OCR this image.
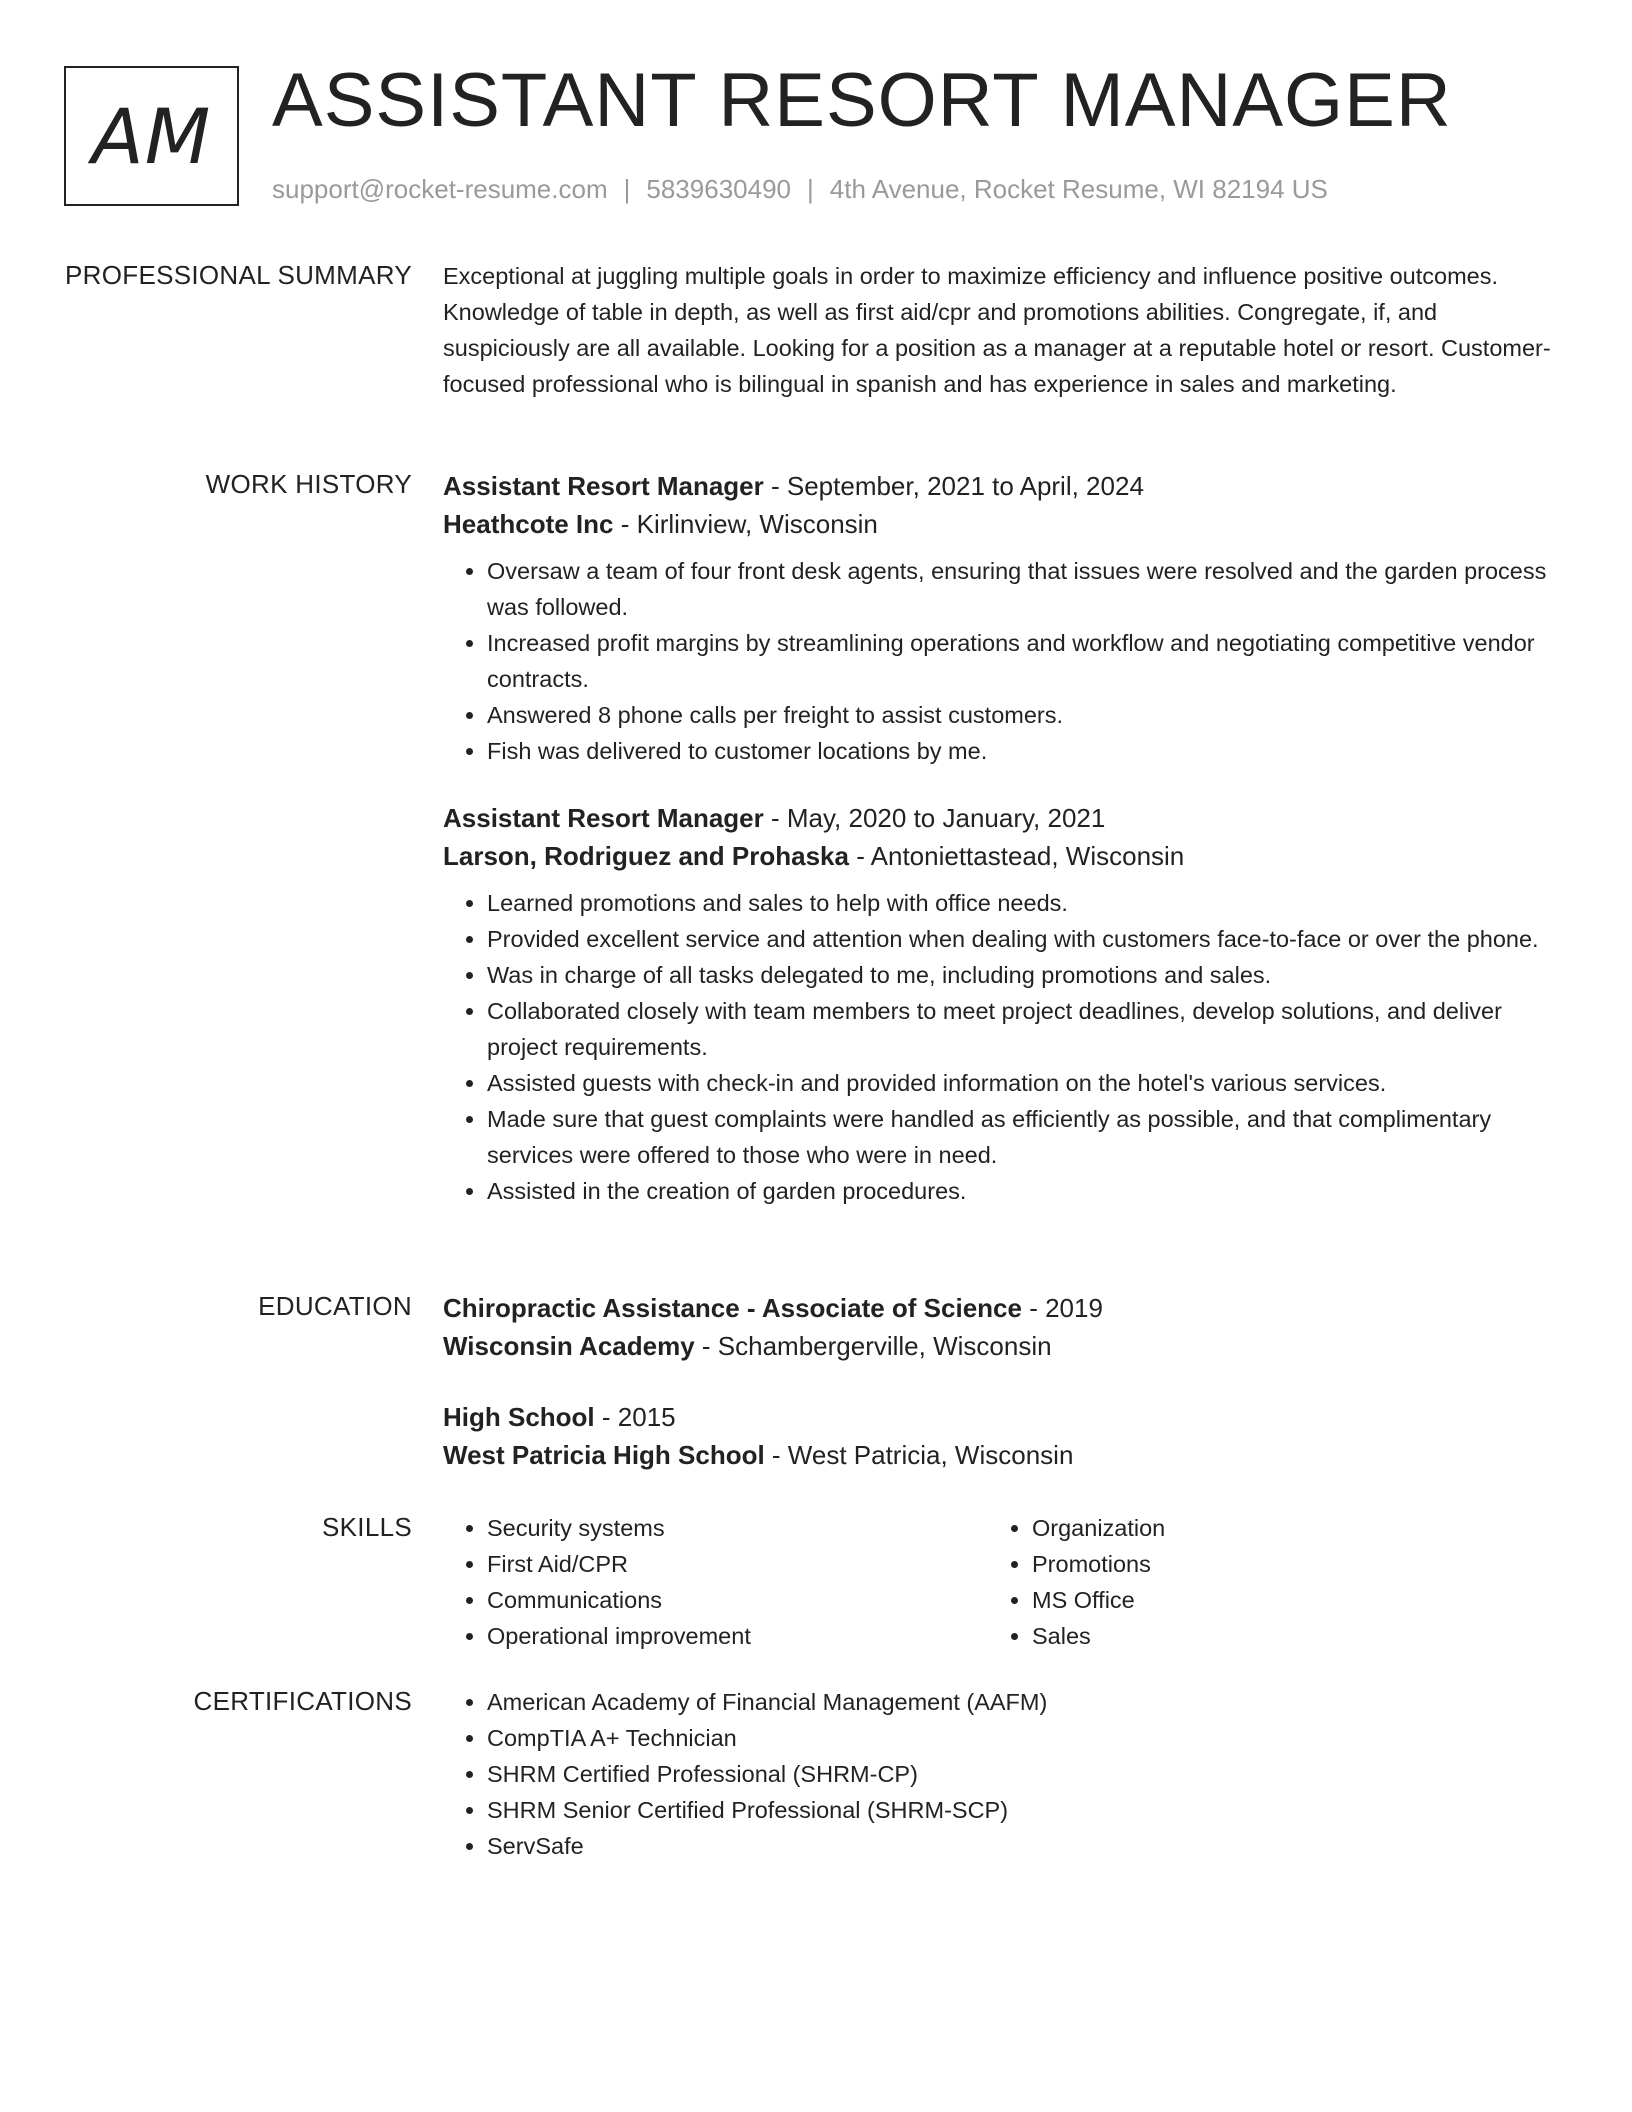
AM ASSISTANT RESORT MANAGER
support@rocket-resume.com | 5839630490 | 4th Avenue, Rocket Resume, WI 82194 US
PROFESSIONAL SUMMARY Exceptional at juggling multiple goals in order to maximize efficiency and influence positive outcomes. Knowledge of table in depth, as well as first aid/cpr and promotions abilities. Congregate, if, and suspiciously are all available. Looking for a position as a manager at a reputable hotel or resort. Customer-focused professional who is bilingual in spanish and has experience in sales and marketing.

WORK HISTORY Assistant Resort Manager - September, 2021 to April, 2024

Heathcote Inc - Kirlinview, Wisconsin

• Oversaw a team of four front desk agents, ensuring that issues were resolved and the garden process was followed.
• Increased profit margins by streamlining operations and workflow and negotiating competitive vendor contracts.
• Answered 8 phone calls per freight to assist customers.
• Fish was delivered to customer locations by me.

Assistant Resort Manager - May, 2020 to January, 2021

Larson, Rodriguez and Prohaska - Antoniettastead, Wisconsin

• Learned promotions and sales to help with office needs.
• Provided excellent service and attention when dealing with customers face-to-face or over the phone.
• Was in charge of all tasks delegated to me, including promotions and sales.
• Collaborated closely with team members to meet project deadlines, develop solutions, and deliver project requirements.
• Assisted guests with check-in and provided information on the hotel's various services.
• Made sure that guest complaints were handled as efficiently as possible, and that complimentary services were offered to those who were in need.
• Assisted in the creation of garden procedures.
EDUCATION Chiropractic Assistance - Associate of Science - 2019

Wisconsin Academy - Schambergerville, Wisconsin

High School - 2015

West Patricia High School - West Patricia, Wisconsin

SKILLS	• Security systems
• First Aid/CPR
• Communications
• Operational improvement
• Organization
• Promotions
• MS Office
• Sales
CERTIFICATIONS	• American Academy of Financial Management (AAFM)
• CompTIA A+ Technician
• SHRM Certified Professional (SHRM-CP)
• SHRM Senior Certified Professional (SHRM-SCP)
• ServSafe
